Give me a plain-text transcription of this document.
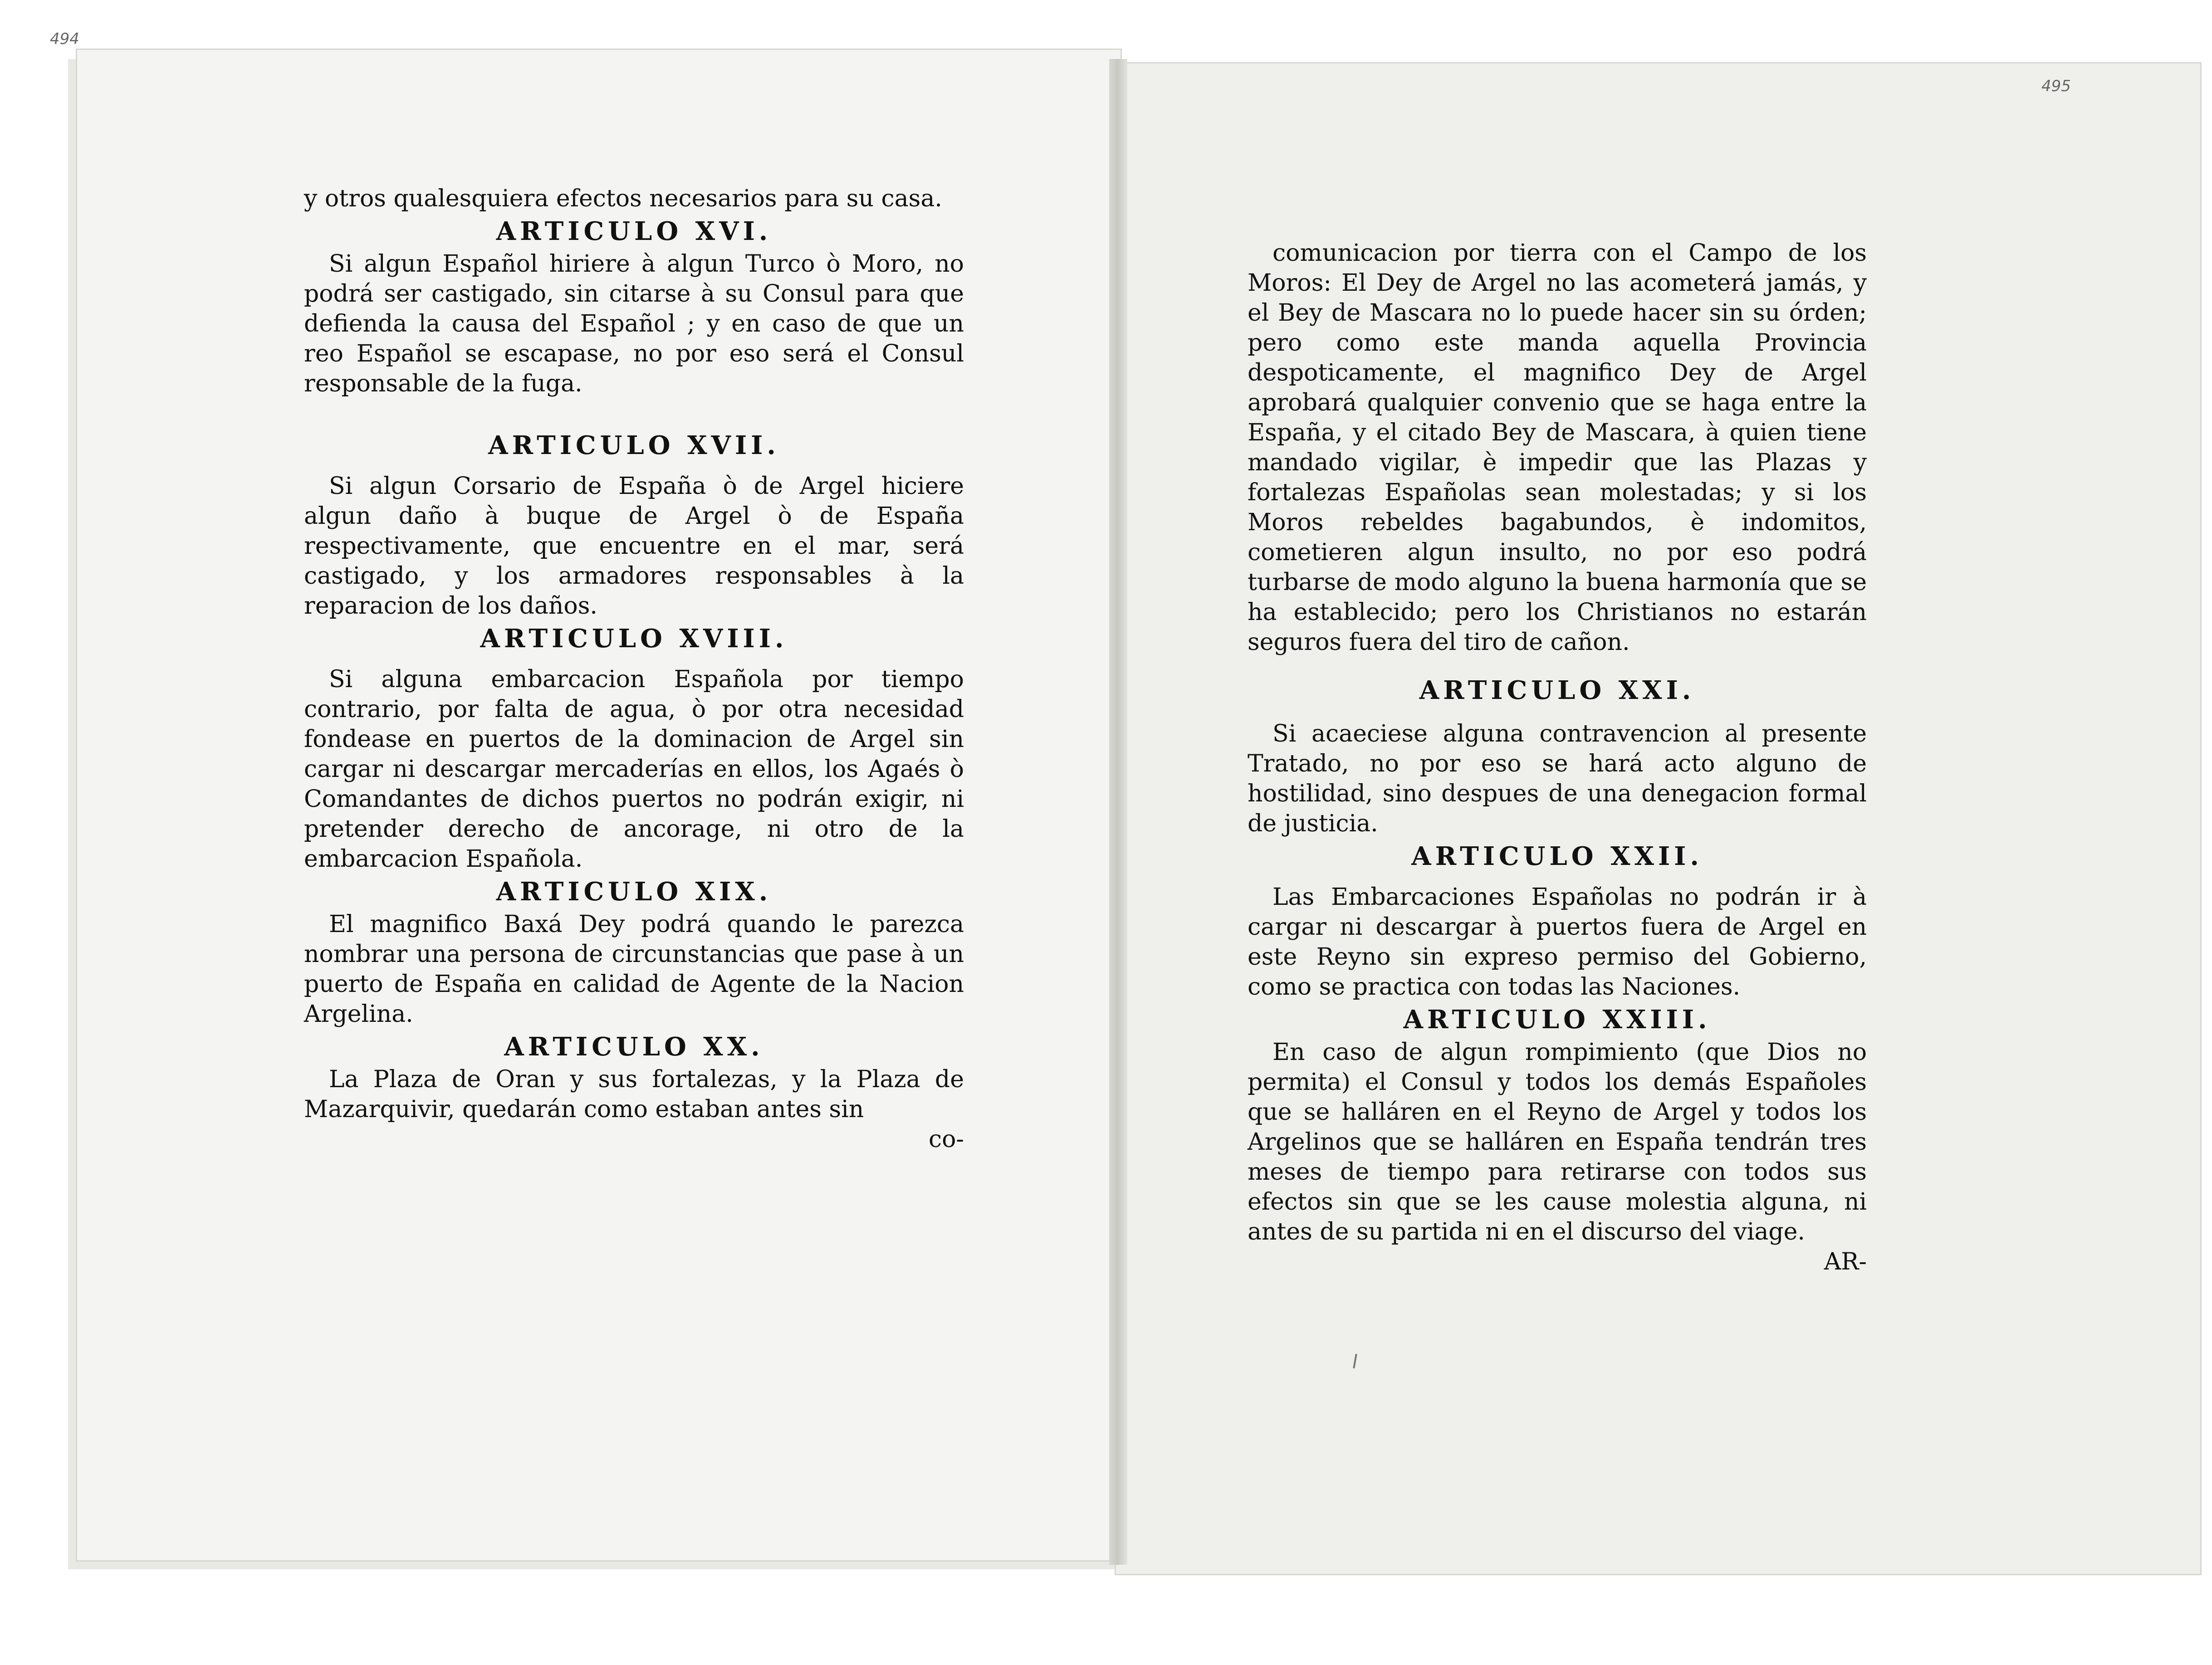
494
495

y otros qualesquiera efectos necesarios para su casa.

ARTICULO XVI.

Si algun Español hiriere à algun Turco ò Moro, no podrá ser castigado, sin citarse à su Consul para que defienda la causa del Español ; y en caso de que un reo Español se escapase, no por eso será el Consul responsable de la fuga.

ARTICULO XVII.

Si algun Corsario de España ò de Argel hiciere algun daño à buque de Argel ò de España respectivamente, que encuentre en el mar, será castigado, y los armadores responsables à la reparacion de los daños.

ARTICULO XVIII.

Si alguna embarcacion Española por tiempo contrario, por falta de agua, ò por otra necesidad fondease en puertos de la dominacion de Argel sin cargar ni descargar mercaderías en ellos, los Agaés ò Comandantes de dichos puertos no podrán exigir, ni pretender derecho de ancorage, ni otro de la embarcacion Española.

ARTICULO XIX.

El magnifico Baxá Dey podrá quando le parezca nombrar una persona de circunstancias que pase à un puerto de España en calidad de Agente de la Nacion Argelina.

ARTICULO XX.

La Plaza de Oran y sus fortalezas, y la Plaza de Mazarquivir, quedarán como estaban antes sin

co-

comunicacion por tierra con el Campo de los Moros: El Dey de Argel no las acometerá jamás, y el Bey de Mascara no lo puede hacer sin su órden; pero como este manda aquella Provincia despoticamente, el magnifico Dey de Argel aprobará qualquier convenio que se haga entre la España, y el citado Bey de Mascara, à quien tiene mandado vigilar, è impedir que las Plazas y fortalezas Españolas sean molestadas; y si los Moros rebeldes bagabundos, è indomitos, cometieren algun insulto, no por eso podrá turbarse de modo alguno la buena harmonía que se ha establecido; pero los Christianos no estarán seguros fuera del tiro de cañon.

ARTICULO XXI.

Si acaeciese alguna contravencion al presente Tratado, no por eso se hará acto alguno de hostilidad, sino despues de una denegacion formal de justicia.

ARTICULO XXII.

Las Embarcaciones Españolas no podrán ir à cargar ni descargar à puertos fuera de Argel en este Reyno sin expreso permiso del Gobierno, como se practica con todas las Naciones.

ARTICULO XXIII.

En caso de algun rompimiento (que Dios no permita) el Consul y todos los demás Españoles que se halláren en el Reyno de Argel y todos los Argelinos que se halláren en España tendrán tres meses de tiempo para retirarse con todos sus efectos sin que se les cause molestia alguna, ni antes de su partida ni en el discurso del viage.

AR-
